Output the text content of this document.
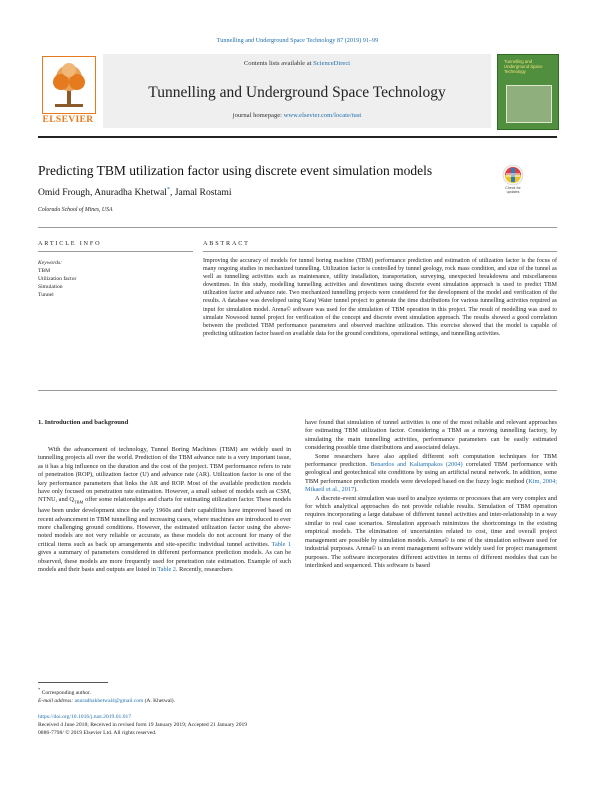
Tunnelling and Underground Space Technology 87 (2019) 91–99
ELSEVIER
Contents lists available at ScienceDirect
Tunnelling and Underground Space Technology
journal homepage: www.elsevier.com/locate/tust
Tunnelling and Underground Space Technology
Predicting TBM utilization factor using discrete event simulation models
Check for updates
Omid Frough, Anuradha Khetwal*, Jamal Rostami
Colorado School of Mines, USA
ARTICLE INFO	ABSTRACT
Keywords:
TBM
Utilization factor
Simulation
Tunnel
Improving the accuracy of models for tunnel boring machine (TBM) performance prediction and estimation of utilization factor is the focus of many ongoing studies in mechanized tunnelling. Utilization factor is controlled by tunnel geology, rock mass condition, and size of the tunnel as well as tunnelling activities such as maintenance, utility installation, transportation, surveying, unexpected breakdowns and miscellaneous downtimes. In this study, modelling tunnelling activities and downtimes using discrete event simulation approach is used to predict TBM utilization factor and advance rate. Two mechanized tunnelling projects were considered for the development of the model and verification of the results. A database was developed using Karaj Water tunnel project to generate the time distributions for various tunnelling activities required as input for simulation model. Arena© software was used for the simulation of TBM operation in this project. The result of modelling was used to simulate Nowsood tunnel project for verification of the concept and discrete event simulation approach. The results showed a good correlation between the predicted TBM performance parameters and observed machine utilization. This exercise showed that the model is capable of predicting utilization factor based on available data for the ground conditions, operational settings, and tunnelling activities.
1. Introduction and background

With the advancement of technology, Tunnel Boring Machines (TBM) are widely used in tunnelling projects all over the world. Prediction of the TBM advance rate is a very important issue, as it has a big influence on the duration and the cost of the project. TBM performance refers to rate of penetration (ROP), utilization factor (U) and advance rate (AR). Utilization factor is one of the key performance parameters that links the AR and ROP. Most of the available prediction models have only focused on penetration rate estimation. However, a small subset of models such as CSM, NTNU, and $Q_{TBM}$ offer some relationships and charts for estimating utilization factor. These models have been under development since the early 1960s and their capabilities have improved based on recent advancement in TBM tunnelling and increasing cases, where machines are introduced to ever more challenging ground conditions. However, the estimated utilization factor using the above-noted models are not very reliable or accurate, as these models do not account for many of the critical items such as back up arrangements and site-specific individual tunnel activities. Table 1 gives a summary of parameters considered in different performance prediction models. As can be observed, these models are more frequently used for penetration rate estimation. Example of such models and their basis and outputs are listed in Table 2. Recently, researchers

have found that simulation of tunnel activities is one of the most reliable and relevant approaches for estimating TBM utilization factor. Considering a TBM as a moving tunnelling factory, by simulating the main tunnelling activities, performance parameters can be easily estimated considering possible time distributions and associated delays.

Some researchers have also applied different soft computation techniques for TBM performance prediction. Benardos and Kaliampakos (2004) correlated TBM performance with geological and geotechnical site conditions by using an artificial neural network. In addition, some TBM performance prediction models were developed based on the fuzzy logic method (Kim, 2004; Mikaeil et al., 2017).

A discrete-event simulation was used to analyze systems or processes that are very complex and for which analytical approaches do not provide reliable results. Simulation of TBM operation requires incorporating a large database of different tunnel activities and inter-relationship in a way similar to real case scenarios. Simulation approach minimizes the shortcomings in the existing empirical models. The elimination of uncertainties related to cost, time and overall project management are possible by simulation models. Arena© is one of the simulation software used for industrial purposes. Arena© is an event management software widely used for project management purposes. The software incorporates different activities in terms of different modules that can be interlinked and sequenced. This software is based

* Corresponding author.
E-mail address: anuradhakhetwal4@gmail.com (A. Khetwal).
https://doi.org/10.1016/j.tust.2019.01.017
Received 4 June 2018; Received in revised form 19 January 2019; Accepted 21 January 2019
0886-7798/ © 2019 Elsevier Ltd. All rights reserved.
